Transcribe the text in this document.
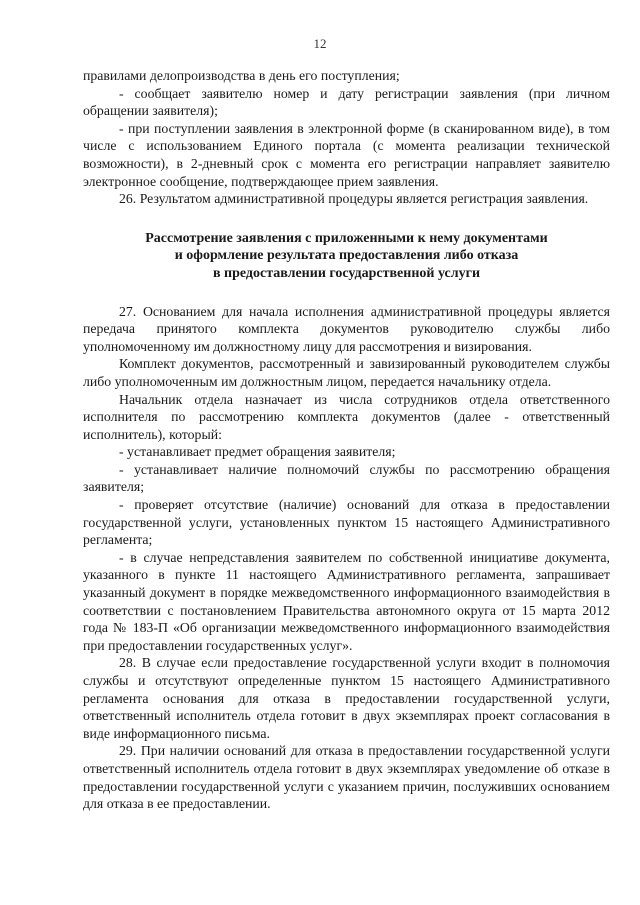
12

правилами делопроизводства в день его поступления;

- сообщает заявителю номер и дату регистрации заявления (при личном обращении заявителя);

- при поступлении заявления в электронной форме (в сканированном виде), в том числе с использованием Единого портала (с момента реализации технической возможности), в 2-дневный срок с момента его регистрации направляет заявителю электронное сообщение, подтверждающее прием заявления.

26. Результатом административной процедуры является регистрация заявления.

Рассмотрение заявления с приложенными к нему документами
и оформление результата предоставления либо отказа
в предоставлении государственной услуги

27. Основанием для начала исполнения административной процедуры является передача принятого комплекта документов руководителю службы либо уполномоченному им должностному лицу для рассмотрения и визирования.

Комплект документов, рассмотренный и завизированный руководителем службы либо уполномоченным им должностным лицом, передается начальнику отдела.

Начальник отдела назначает из числа сотрудников отдела ответственного исполнителя по рассмотрению комплекта документов (далее - ответственный исполнитель), который:

- устанавливает предмет обращения заявителя;

- устанавливает наличие полномочий службы по рассмотрению обращения заявителя;

- проверяет отсутствие (наличие) оснований для отказа в предоставлении государственной услуги, установленных пунктом 15 настоящего Административного регламента;

- в случае непредставления заявителем по собственной инициативе документа, указанного в пункте 11 настоящего Административного регламента, запрашивает указанный документ в порядке межведомственного информационного взаимодействия в соответствии с постановлением Правительства автономного округа от 15 марта 2012 года № 183-П «Об организации межведомственного информационного взаимодействия при предоставлении государственных услуг».

28. В случае если предоставление государственной услуги входит в полномочия службы и отсутствуют определенные пунктом 15 настоящего Административного регламента основания для отказа в предоставлении государственной услуги, ответственный исполнитель отдела готовит в двух экземплярах проект согласования в виде информационного письма.

29. При наличии оснований для отказа в предоставлении государственной услуги ответственный исполнитель отдела готовит в двух экземплярах уведомление об отказе в предоставлении государственной услуги с указанием причин, послуживших основанием для отказа в ее предоставлении.
